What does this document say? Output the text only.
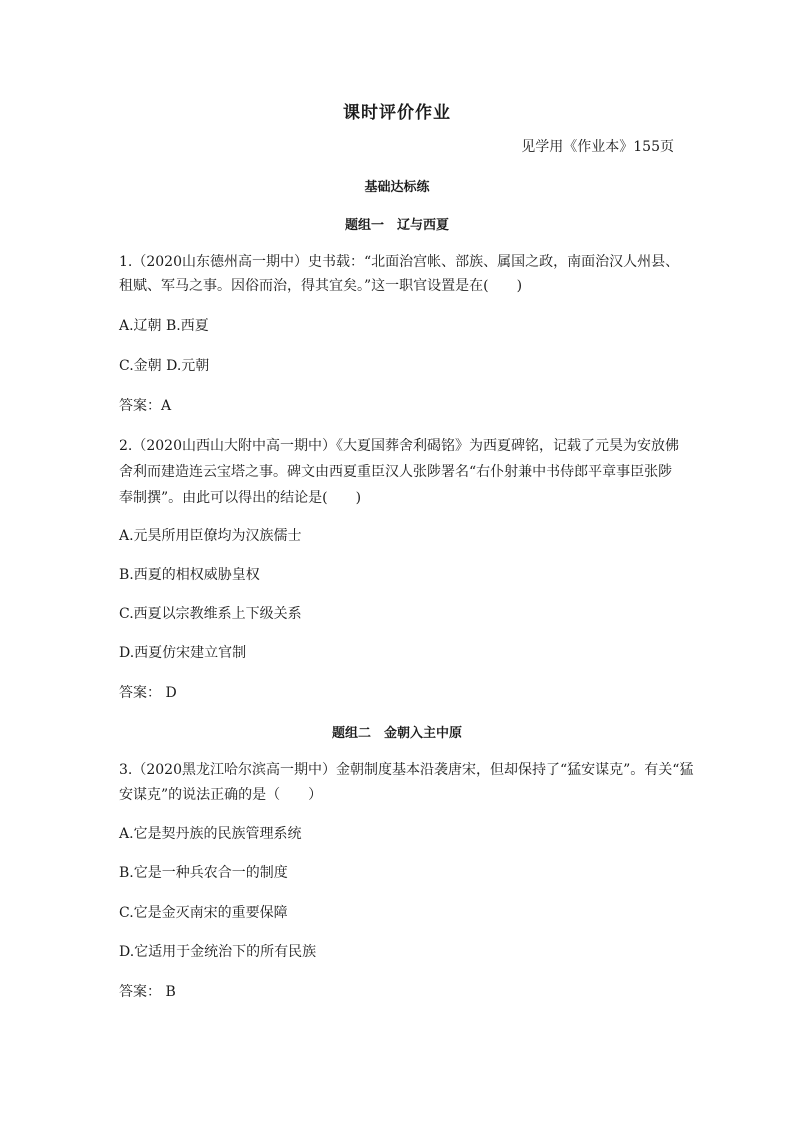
课时评价作业
见学用《作业本》155页
基础达标练
题组一　辽与西夏
1.（2020山东德州高一期中）史书载：“北面治宫帐、部族、属国之政，南面治汉人州县、
租赋、军马之事。因俗而治，得其宜矣。”这一职官设置是在(　　)
A.辽朝 B.西夏
C.金朝 D.元朝
答案：A
2.（2020山西山大附中高一期中）《大夏国葬舍利碣铭》为西夏碑铭，记载了元昊为安放佛
舍利而建造连云宝塔之事。碑文由西夏重臣汉人张陟署名“右仆射兼中书侍郎平章事臣张陟
奉制撰”。由此可以得出的结论是(　　)
A.元昊所用臣僚均为汉族儒士
B.西夏的相权威胁皇权
C.西夏以宗教维系上下级关系
D.西夏仿宋建立官制
答案： D
题组二　金朝入主中原
3.（2020黑龙江哈尔滨高一期中）金朝制度基本沿袭唐宋，但却保持了“猛安谋克”。有关“猛
安谋克”的说法正确的是（　　）
A.它是契丹族的民族管理系统
B.它是一种兵农合一的制度
C.它是金灭南宋的重要保障
D.它适用于金统治下的所有民族
答案： B
